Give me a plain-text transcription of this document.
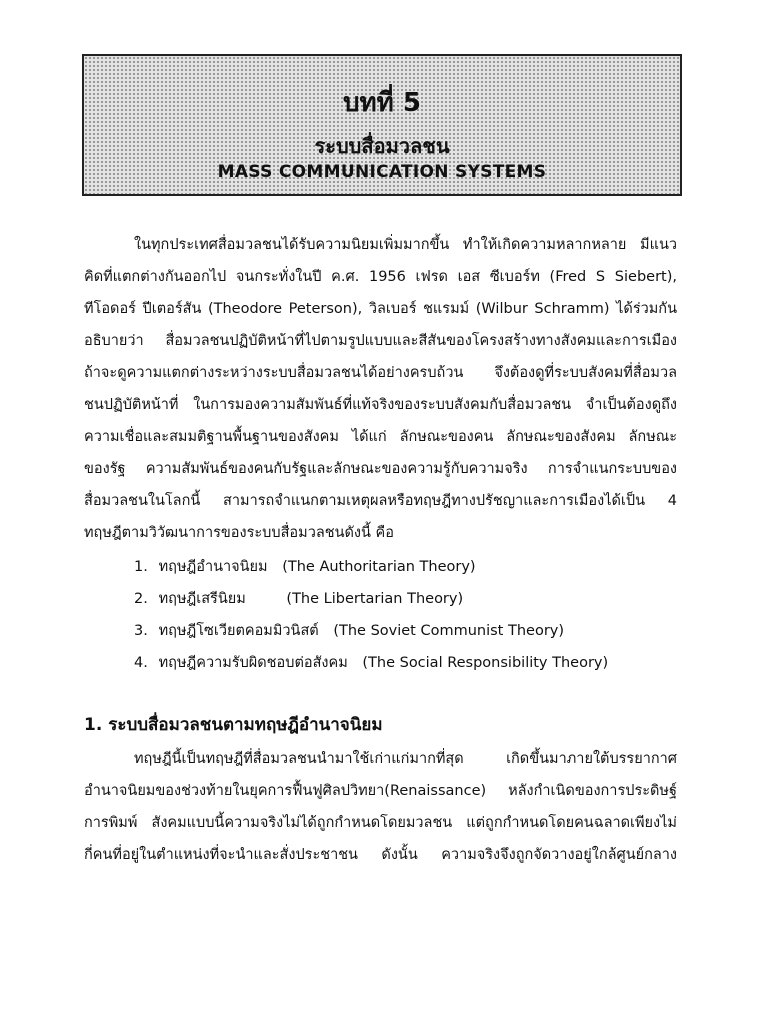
บทที่ 5
ระบบสื่อมวลชน
MASS COMMUNICATION SYSTEMS
ในทุกประเทศสื่อมวลชนได้รับความนิยมเพิ่มมากขึ้น ทำให้เกิดความหลากหลาย มีแนว
คิดที่แตกต่างกันออกไป จนกระทั่งในปี ค.ศ. 1956 เฟรด เอส ซีเบอร์ท (Fred S Siebert),
ทีโอดอร์ ปีเตอร์สัน (Theodore Peterson), วิลเบอร์ ชแรมม์ (Wilbur Schramm) ได้ร่วมกัน
อธิบายว่า สื่อมวลชนปฏิบัติหน้าที่ไปตามรูปแบบและสีสันของโครงสร้างทางสังคมและการเมือง
ถ้าจะดูความแตกต่างระหว่างระบบสื่อมวลชนได้อย่างครบถ้วน จึงต้องดูที่ระบบสังคมที่สื่อมวล
ชนปฏิบัติหน้าที่ ในการมองความสัมพันธ์ที่แท้จริงของระบบสังคมกับสื่อมวลชน จำเป็นต้องดูถึง
ความเชื่อและสมมติฐานพื้นฐานของสังคม ได้แก่ ลักษณะของคน ลักษณะของสังคม ลักษณะ
ของรัฐ ความสัมพันธ์ของคนกับรัฐและลักษณะของความรู้กับความจริง การจำแนกระบบของ
สื่อมวลชนในโลกนี้ สามารถจำแนกตามเหตุผลหรือทฤษฎีทางปรัชญาและการเมืองได้เป็น 4
ทฤษฎีตามวิวัฒนาการของระบบสื่อมวลชนดังนี้ คือ
1. ทฤษฎีอำนาจนิยม (The Authoritarian Theory)
2. ทฤษฎีเสรีนิยม	(The Libertarian Theory)
3. ทฤษฎีโซเวียตคอมมิวนิสต์ (The Soviet Communist Theory)
4. ทฤษฎีความรับผิดชอบต่อสังคม (The Social Responsibility Theory)
1. ระบบสื่อมวลชนตามทฤษฎีอำนาจนิยม
ทฤษฎีนี้เป็นทฤษฎีที่สื่อมวลชนนำมาใช้เก่าแก่มากที่สุด เกิดขึ้นมาภายใต้บรรยากาศ
อำนาจนิยมของช่วงท้ายในยุคการฟื้นฟูศิลปวิทยา(Renaissance) หลังกำเนิดของการประดิษฐ์
การพิมพ์ สังคมแบบนี้ความจริงไม่ได้ถูกกำหนดโดยมวลชน แต่ถูกกำหนดโดยคนฉลาดเพียงไม่
กี่คนที่อยู่ในตำแหน่งที่จะนำและสั่งประชาชน ดังนั้น ความจริงจึงถูกจัดวางอยู่ใกล้ศูนย์กลาง
